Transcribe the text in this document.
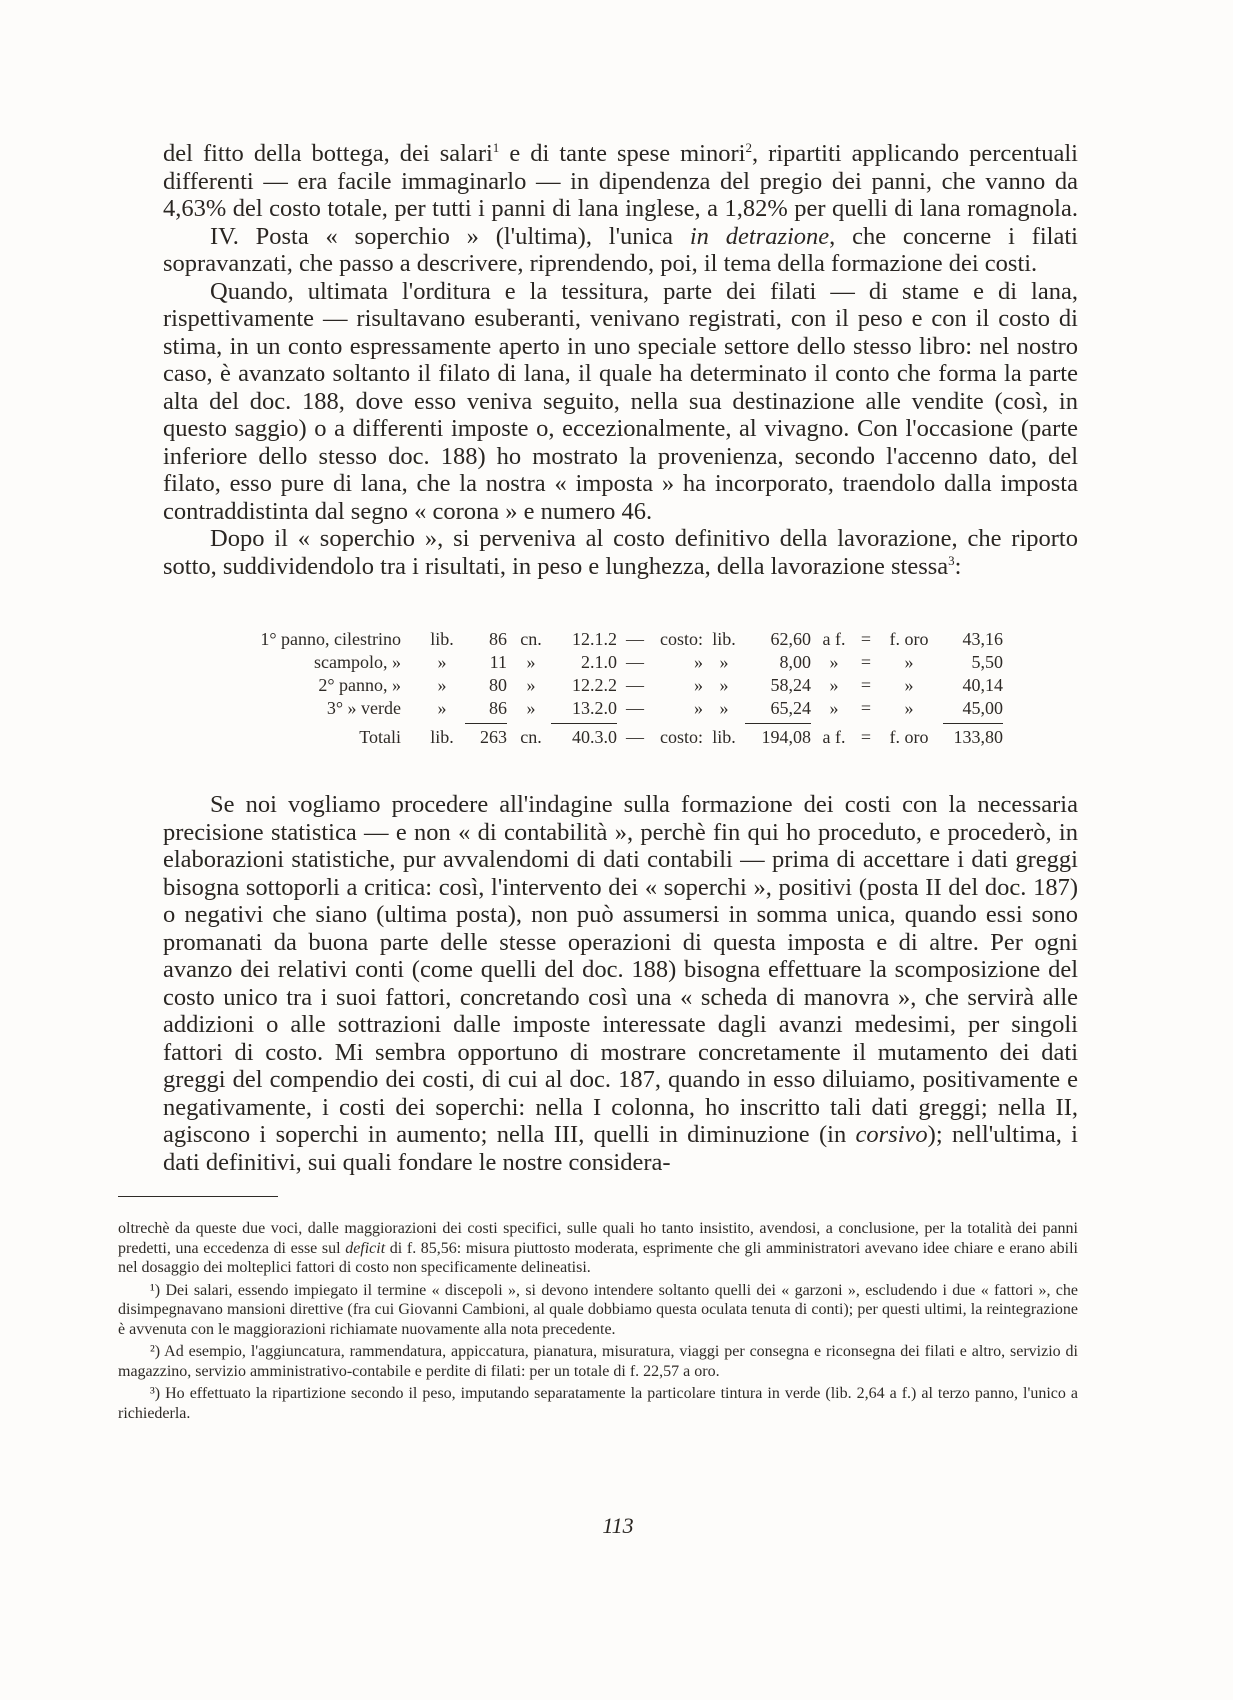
del fitto della bottega, dei salari$^1$ e di tante spese minori$^2$, ripartiti applicando percentuali differenti — era facile immaginarlo — in dipendenza del pregio dei panni, che vanno da 4,63% del costo totale, per tutti i panni di lana inglese, a 1,82% per quelli di lana romagnola.

IV. Posta « soperchio » (l'ultima), l'unica in detrazione, che concerne i filati sopravanzati, che passo a descrivere, riprendendo, poi, il tema della formazione dei costi.

Quando, ultimata l'orditura e la tessitura, parte dei filati — di stame e di lana, rispettivamente — risultavano esuberanti, venivano registrati, con il peso e con il costo di stima, in un conto espressamente aperto in uno speciale settore dello stesso libro: nel nostro caso, è avanzato soltanto il filato di lana, il quale ha determinato il conto che forma la parte alta del doc. 188, dove esso veniva seguito, nella sua destinazione alle vendite (così, in questo saggio) o a differenti imposte o, eccezionalmente, al vivagno. Con l'occasione (parte inferiore dello stesso doc. 188) ho mostrato la provenienza, secondo l'accenno dato, del filato, esso pure di lana, che la nostra « imposta » ha incorporato, traendolo dalla imposta contraddistinta dal segno « corona » e numero 46.

Dopo il « soperchio », si perveniva al costo definitivo della lavorazione, che riporto sotto, suddividendolo tra i risultati, in peso e lunghezza, della lavorazione stessa$^3$:

1° panno, cilestrino lib.	86 cn.	12.1.2 — costo: lib.	62,60 a f. =	f. oro	43,16
scampolo, »	»	11	»	2.1.0 —	» »	8,00	»	=	»	5,50
2° panno, »	»	80	»	12.2.2 —	» »	58,24	»	=	»	40,14
3° » verde	»	86	»	13.2.0 —	» »	65,24	»	=	»	45,00
Totali lib.	263 cn.	40.3.0 — costo: lib.	194,08 a f. =	f. oro	133,80

Se noi vogliamo procedere all'indagine sulla formazione dei costi con la necessaria precisione statistica — e non « di contabilità », perchè fin qui ho proceduto, e procederò, in elaborazioni statistiche, pur avvalendomi di dati contabili — prima di accettare i dati greggi bisogna sottoporli a critica: così, l'intervento dei « soperchi », positivi (posta II del doc. 187) o negativi che siano (ultima posta), non può assumersi in somma unica, quando essi sono promanati da buona parte delle stesse operazioni di questa imposta e di altre. Per ogni avanzo dei relativi conti (come quelli del doc. 188) bisogna effettuare la scomposizione del costo unico tra i suoi fattori, concretando così una « scheda di manovra », che servirà alle addizioni o alle sottrazioni dalle imposte interessate dagli avanzi medesimi, per singoli fattori di costo. Mi sembra opportuno di mostrare concretamente il mutamento dei dati greggi del compendio dei costi, di cui al doc. 187, quando in esso diluiamo, positivamente e negativamente, i costi dei soperchi: nella I colonna, ho inscritto tali dati greggi; nella II, agiscono i soperchi in aumento; nella III, quelli in diminuzione (in corsivo); nell'ultima, i dati definitivi, sui quali fondare le nostre considera-

oltrechè da queste due voci, dalle maggiorazioni dei costi specifici, sulle quali ho tanto insistito, avendosi, a conclusione, per la totalità dei panni predetti, una eccedenza di esse sul deficit di f. 85,56: misura piuttosto moderata, esprimente che gli amministratori avevano idee chiare e erano abili nel dosaggio dei molteplici fattori di costo non specificamente delineatisi.

¹) Dei salari, essendo impiegato il termine « discepoli », si devono intendere soltanto quelli dei « garzoni », escludendo i due « fattori », che disimpegnavano mansioni direttive (fra cui Giovanni Cambioni, al quale dobbiamo questa oculata tenuta di conti); per questi ultimi, la reintegrazione è avvenuta con le maggiorazioni richiamate nuovamente alla nota precedente.

²) Ad esempio, l'aggiuncatura, rammendatura, appiccatura, pianatura, misuratura, viaggi per consegna e riconsegna dei filati e altro, servizio di magazzino, servizio amministrativo-contabile e perdite di filati: per un totale di f. 22,57 a oro.

³) Ho effettuato la ripartizione secondo il peso, imputando separatamente la particolare tintura in verde (lib. 2,64 a f.) al terzo panno, l'unico a richiederla.

113
